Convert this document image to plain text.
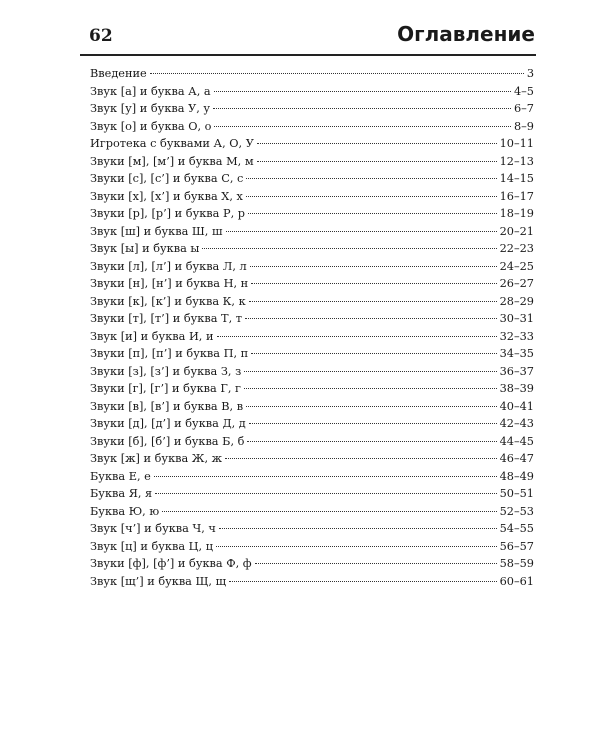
62	Оглавление
Введение	3
Звук [а] и буква А, а	4–5
Звук [у] и буква У, у	6–7
Звук [о] и буква О, о	8–9
Игротека с буквами А, О, У	10–11
Звуки [м], [м’] и буква М, м	12–13
Звуки [с], [с’] и буква С, с	14–15
Звуки [х], [х’] и буква Х, х	16–17
Звуки [р], [р’] и буква Р, р	18–19
Звук [ш] и буква Ш, ш	20–21
Звук [ы] и буква ы	22–23
Звуки [л], [л’] и буква Л, л	24–25
Звуки [н], [н’] и буква Н, н	26–27
Звуки [к], [к’] и буква К, к	28–29
Звуки [т], [т’] и буква Т, т	30–31
Звук [и] и буква И, и	32–33
Звуки [п], [п’] и буква П, п	34–35
Звуки [з], [з’] и буква З, з	36–37
Звуки [г], [г’] и буква Г, г	38–39
Звуки [в], [в’] и буква В, в	40–41
Звуки [д], [д’] и буква Д, д	42–43
Звуки [б], [б’] и буква Б, б	44–45
Звук [ж] и буква Ж, ж	46–47
Буква Е, е	48–49
Буква Я, я	50–51
Буква Ю, ю	52–53
Звук [ч’] и буква Ч, ч	54–55
Звук [ц] и буква Ц, ц	56–57
Звуки [ф], [ф’] и буква Ф, ф	58–59
Звук [щ’] и буква Щ, щ	60–61
